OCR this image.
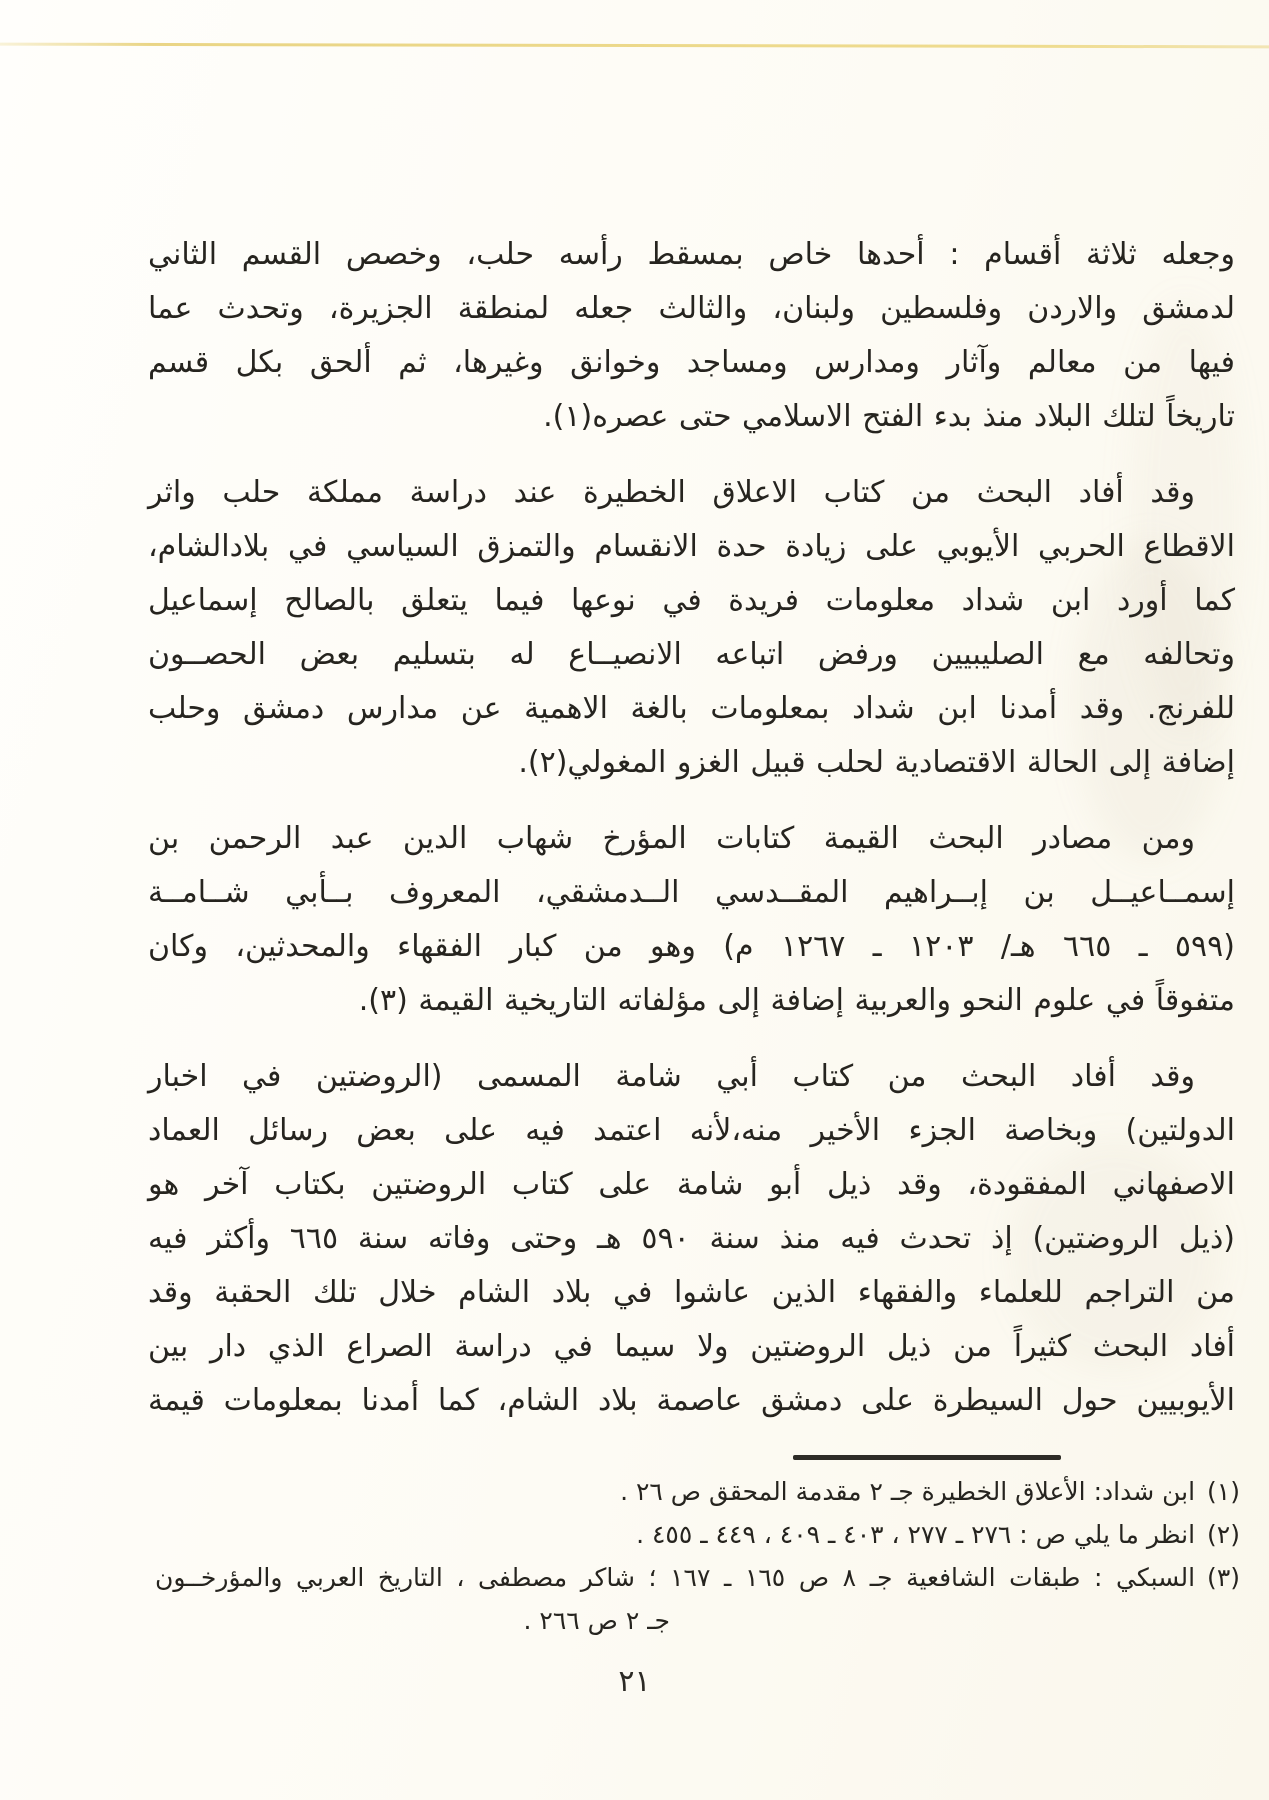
وجعله ثلاثة أقسام : أحدها خاص بمسقط رأسه حلب، وخصص القسم الثاني
لدمشق والاردن وفلسطين ولبنان، والثالث جعله لمنطقة الجزيرة، وتحدث عما
فيها من معالم وآثار ومدارس ومساجد وخوانق وغيرها، ثم ألحق بكل قسم
تاريخاً لتلك البلاد منذ بدء الفتح الاسلامي حتى عصره(١).
وقد أفاد البحث من كتاب الاعلاق الخطيرة عند دراسة مملكة حلب واثر
الاقطاع الحربي الأيوبي على زيادة حدة الانقسام والتمزق السياسي في بلادالشام،
كما أورد ابن شداد معلومات فريدة في نوعها فيما يتعلق بالصالح إسماعيل
وتحالفه مع الصليبيين ورفض اتباعه الانصيــاع له بتسليم بعض الحصــون
للفرنج. وقد أمدنا ابن شداد بمعلومات بالغة الاهمية عن مدارس دمشق وحلب
إضافة إلى الحالة الاقتصادية لحلب قبيل الغزو المغولي(٢).
ومن مصادر البحث القيمة كتابات المؤرخ شهاب الدين عبد الرحمن بن
إسمــاعيــل بن إبــراهيم المقــدسي الــدمشقي، المعروف بــأبي شــامــة
(٥٩٩ ـ ٦٦٥ هـ/ ١٢٠٣ ـ ١٢٦٧ م) وهو من كبار الفقهاء والمحدثين، وكان
متفوقاً في علوم النحو والعربية إضافة إلى مؤلفاته التاريخية القيمة (٣).
وقد أفاد البحث من كتاب أبي شامة المسمى (الروضتين في اخبار
الدولتين) وبخاصة الجزء الأخير منه،لأنه اعتمد فيه على بعض رسائل العماد
الاصفهاني المفقودة، وقد ذيل أبو شامة على كتاب الروضتين بكتاب آخر هو
(ذيل الروضتين) إذ تحدث فيه منذ سنة ٥٩٠ هـ وحتى وفاته سنة ٦٦٥ وأكثر فيه
من التراجم للعلماء والفقهاء الذين عاشوا في بلاد الشام خلال تلك الحقبة وقد
أفاد البحث كثيراً من ذيل الروضتين ولا سيما في دراسة الصراع الذي دار بين
الأيوبيين حول السيطرة على دمشق عاصمة بلاد الشام، كما أمدنا بمعلومات قيمة
(١)ابن شداد: الأعلاق الخطيرة جـ ٢ مقدمة المحقق ص ٢٦ .
(٢)انظر ما يلي ص : ٢٧٦ ـ ٢٧٧ ، ٤٠٣ ـ ٤٠٩ ، ٤٤٩ ـ ٤٥٥ .
(٣)السبكي : طبقات الشافعية جـ ٨ ص ١٦٥ ـ ١٦٧ ؛ شاكر مصطفى ، التاريخ العربي والمؤرخــون
جـ ٢ ص ٢٦٦ .
٢١
